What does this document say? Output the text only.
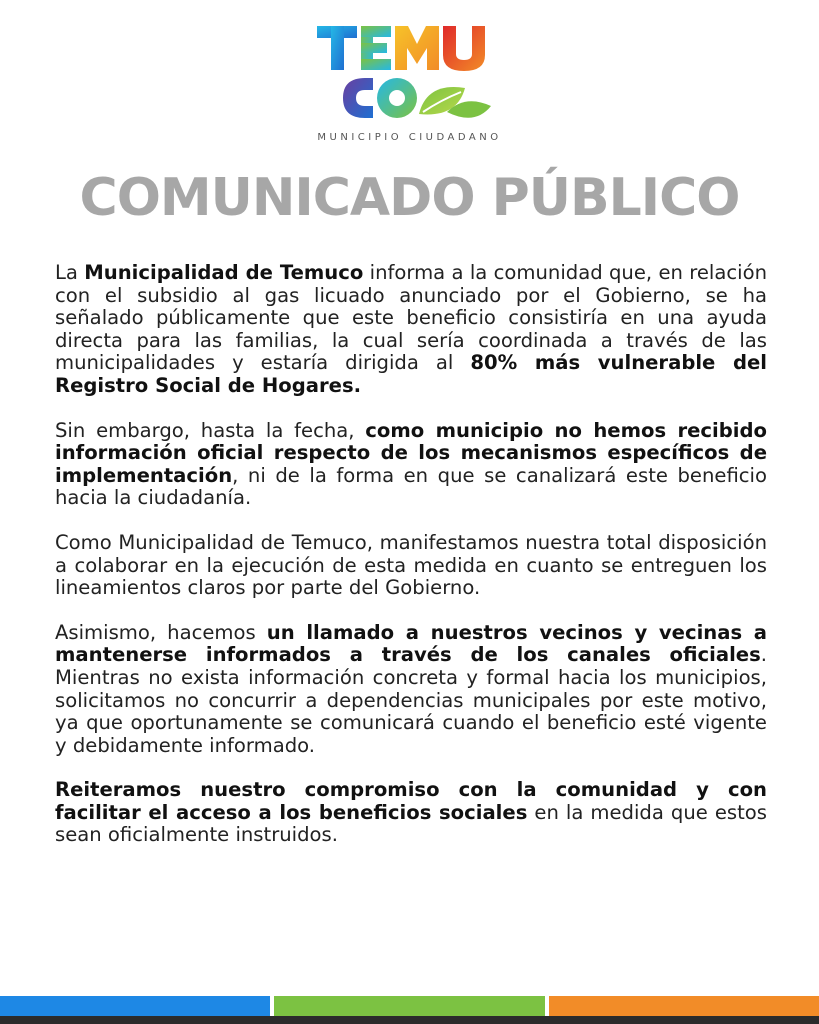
MUNICIPIO CIUDADANO
COMUNICADO PÚBLICO

La Municipalidad de Temuco informa a la comunidad que, en relación con el subsidio al gas licuado anunciado por el Gobierno, se ha señalado públicamente que este beneficio consistiría en una ayuda directa para las familias, la cual sería coordinada a través de las municipalidades y estaría dirigida al 80% más vulnerable del Registro Social de Hogares.

Sin embargo, hasta la fecha, como municipio no hemos recibido información oficial respecto de los mecanismos específicos de implementación, ni de la forma en que se canalizará este beneficio hacia la ciudadanía.

Como Municipalidad de Temuco, manifestamos nuestra total disposición a colaborar en la ejecución de esta medida en cuanto se entreguen los lineamientos claros por parte del Gobierno.

Asimismo, hacemos un llamado a nuestros vecinos y vecinas a mantenerse informados a través de los canales oficiales. Mientras no exista información concreta y formal hacia los municipios, solicitamos no concurrir a dependencias municipales por este motivo, ya que oportunamente se comunicará cuando el beneficio esté vigente y debidamente informado.

Reiteramos nuestro compromiso con la comunidad y con facilitar el acceso a los beneficios sociales en la medida que estos sean oficialmente instruidos.
